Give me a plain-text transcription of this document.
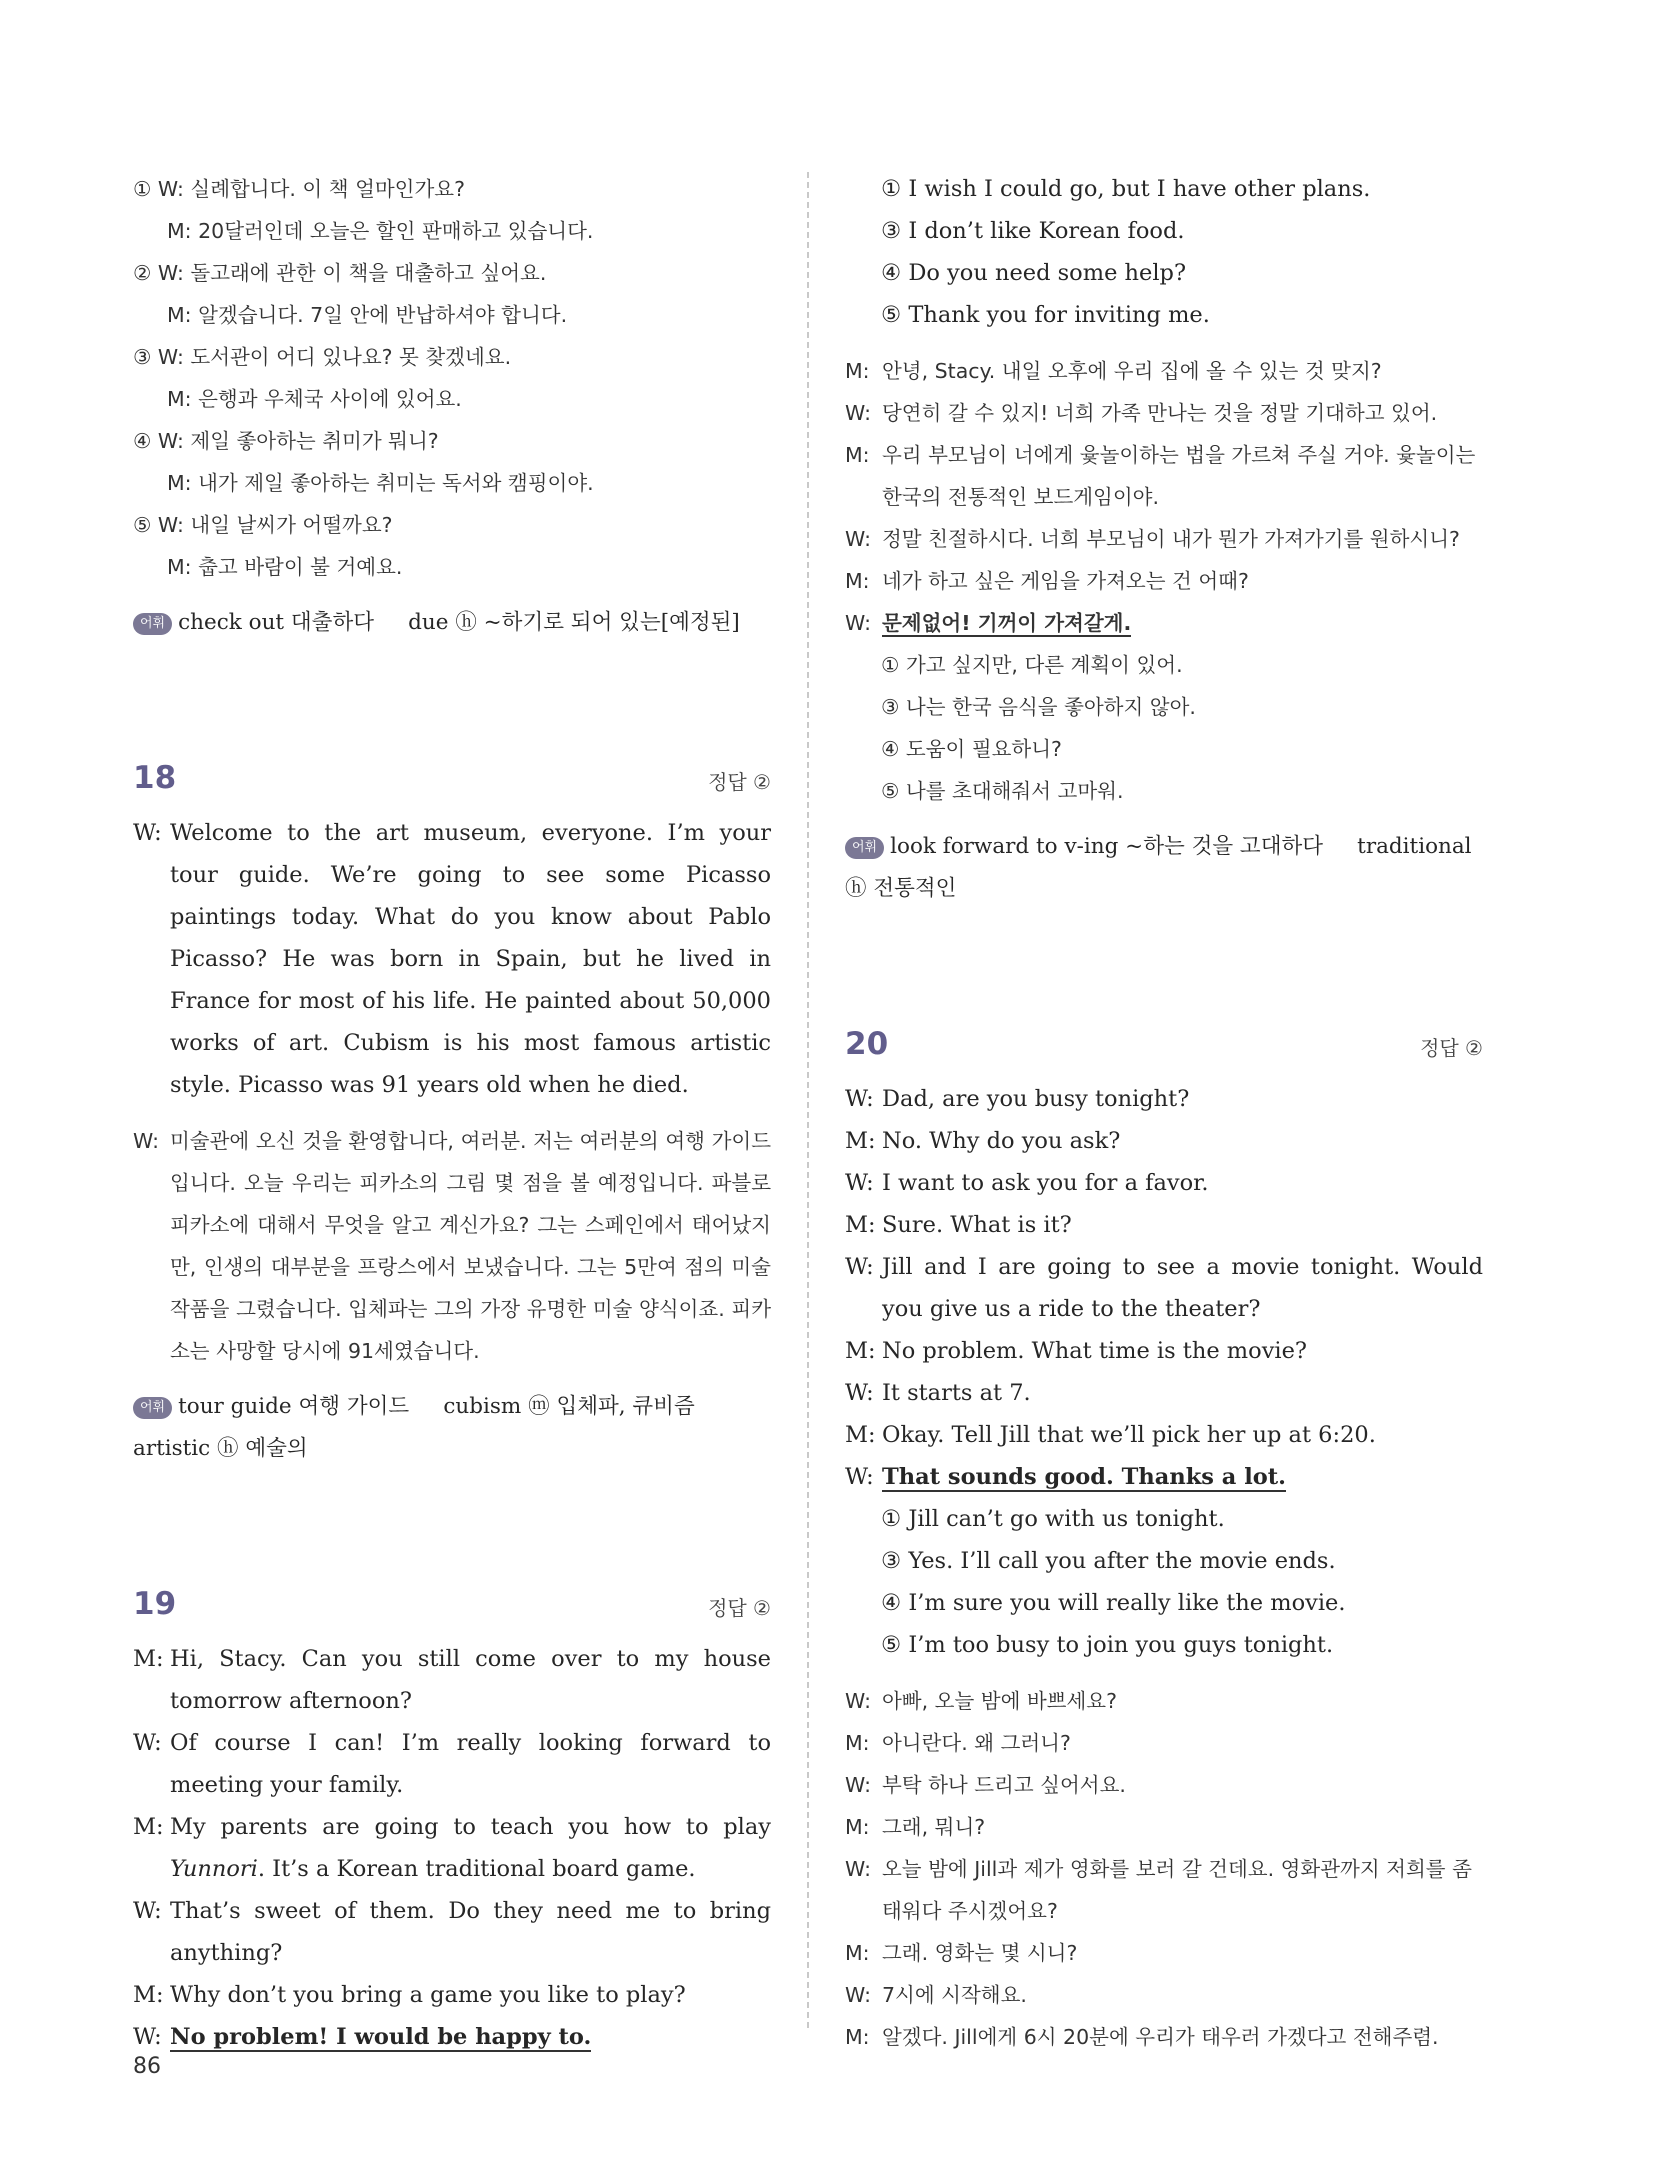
① W: 실례합니다. 이 책 얼마인가요?
M: 20달러인데 오늘은 할인 판매하고 있습니다.
② W: 돌고래에 관한 이 책을 대출하고 싶어요.
M: 알겠습니다. 7일 안에 반납하셔야 합니다.
③ W: 도서관이 어디 있나요? 못 찾겠네요.
M: 은행과 우체국 사이에 있어요.
④ W: 제일 좋아하는 취미가 뭐니?
M: 내가 제일 좋아하는 취미는 독서와 캠핑이야.
⑤ W: 내일 날씨가 어떨까요?
M: 춥고 바람이 불 거예요.
어휘 check out 대출하다     due ⓗ ~하기로 되어 있는[예정된]
18	정답 ②
W: Welcome to the art museum, everyone. I’m your tour guide. We’re going to see some Picasso paintings today. What do you know about Pablo Picasso? He was born in Spain, but he lived in France for most of his life. He painted about 50,000 works of art. Cubism is his most famous artistic style. Picasso was 91 years old when he died.
W: 미술관에 오신 것을 환영합니다, 여러분. 저는 여러분의 여행 가이드입니다. 오늘 우리는 피카소의 그림 몇 점을 볼 예정입니다. 파블로 피카소에 대해서 무엇을 알고 계신가요? 그는 스페인에서 태어났지만, 인생의 대부분을 프랑스에서 보냈습니다. 그는 5만여 점의 미술 작품을 그렸습니다. 입체파는 그의 가장 유명한 미술 양식이죠. 피카소는 사망할 당시에 91세였습니다.
어휘 tour guide 여행 가이드     cubism ⓜ 입체파, 큐비즘     artistic ⓗ 예술의
19	정답 ②
M: Hi, Stacy. Can you still come over to my house tomorrow afternoon?
W: Of course I can! I’m really looking forward to meeting your family.
M: My parents are going to teach you how to play Yunnori. It’s a Korean traditional board game.
W: That’s sweet of them. Do they need me to bring anything?
M: Why don’t you bring a game you like to play?
W: No problem! I would be happy to.
① I wish I could go, but I have other plans.
③ I don’t like Korean food.
④ Do you need some help?
⑤ Thank you for inviting me.
M: 안녕, Stacy. 내일 오후에 우리 집에 올 수 있는 것 맞지?
W: 당연히 갈 수 있지! 너희 가족 만나는 것을 정말 기대하고 있어.
M: 우리 부모님이 너에게 윷놀이하는 법을 가르쳐 주실 거야. 윷놀이는 한국의 전통적인 보드게임이야.
W: 정말 친절하시다. 너희 부모님이 내가 뭔가 가져가기를 원하시니?
M: 네가 하고 싶은 게임을 가져오는 건 어때?
W: 문제없어! 기꺼이 가져갈게.
① 가고 싶지만, 다른 계획이 있어.
③ 나는 한국 음식을 좋아하지 않아.
④ 도움이 필요하니?
⑤ 나를 초대해줘서 고마워.
어휘 look forward to v-ing ~하는 것을 고대하다     traditional ⓗ 전통적인
20	정답 ②
W: Dad, are you busy tonight?
M: No. Why do you ask?
W: I want to ask you for a favor.
M: Sure. What is it?
W: Jill and I are going to see a movie tonight. Would you give us a ride to the theater?
M: No problem. What time is the movie?
W: It starts at 7.
M: Okay. Tell Jill that we’ll pick her up at 6:20.
W: That sounds good. Thanks a lot.
① Jill can’t go with us tonight.
③ Yes. I’ll call you after the movie ends.
④ I’m sure you will really like the movie.
⑤ I’m too busy to join you guys tonight.
W: 아빠, 오늘 밤에 바쁘세요?
M: 아니란다. 왜 그러니?
W: 부탁 하나 드리고 싶어서요.
M: 그래, 뭐니?
W: 오늘 밤에 Jill과 제가 영화를 보러 갈 건데요. 영화관까지 저희를 좀 태워다 주시겠어요?
M: 그래. 영화는 몇 시니?
W: 7시에 시작해요.
M: 알겠다. Jill에게 6시 20분에 우리가 태우러 가겠다고 전해주렴.
86
